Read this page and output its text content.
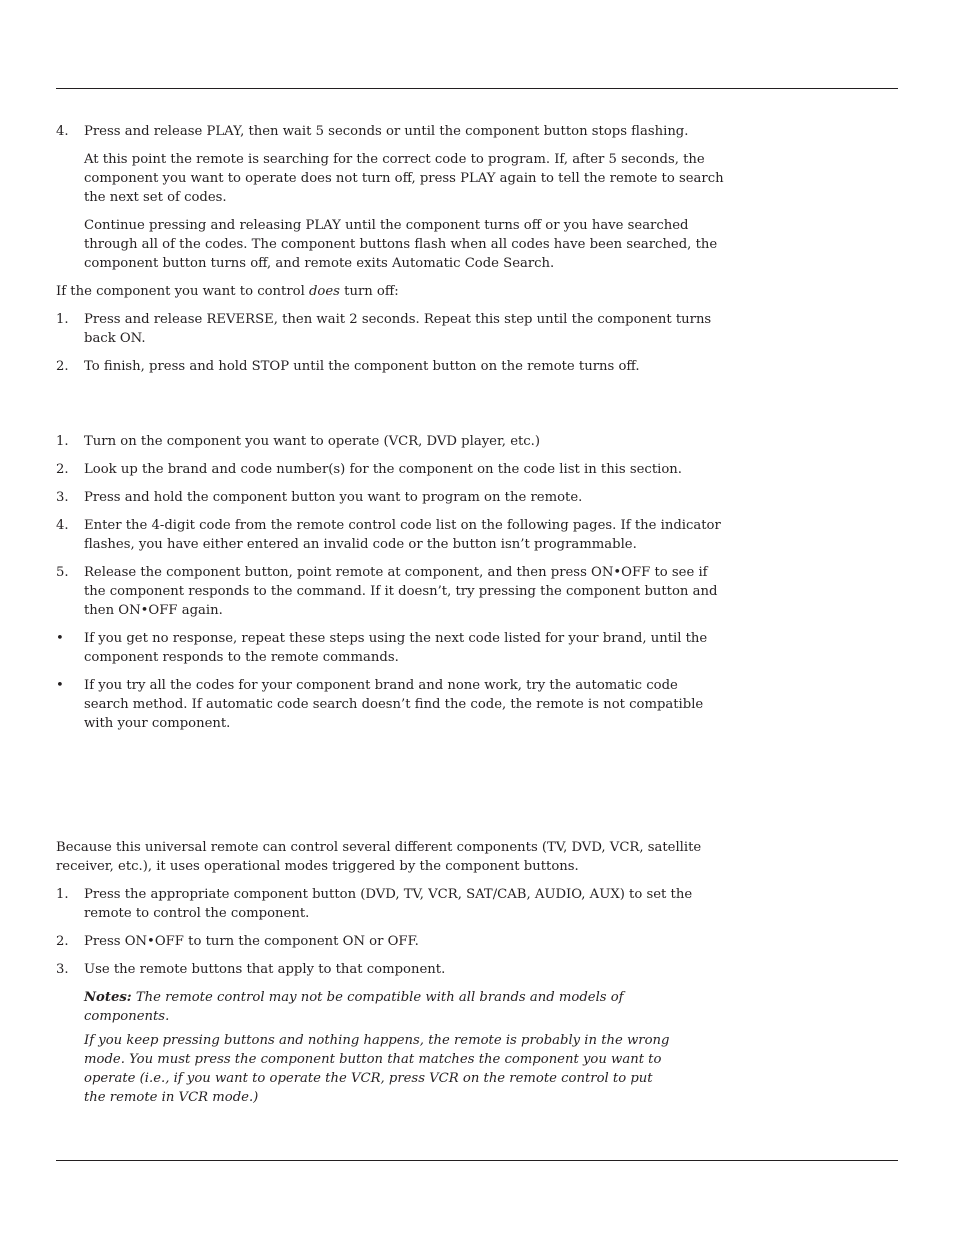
4. Press and release PLAY, then wait 5 seconds or until the component button stops flashing.

At this point the remote is searching for the correct code to program. If, after 5 seconds, the component you want to operate does not turn off, press PLAY again to tell the remote to search the next set of codes.

Continue pressing and releasing PLAY until the component turns off or you have searched through all of the codes. The component buttons flash when all codes have been searched, the component button turns off, and remote exits Automatic Code Search.

If the component you want to control does turn off:

1. Press and release REVERSE, then wait 2 seconds. Repeat this step until the component turns back ON.
2. To finish, press and hold STOP until the component button on the remote turns off.
1. Turn on the component you want to operate (VCR, DVD player, etc.)
2. Look up the brand and code number(s) for the component on the code list in this section.
3. Press and hold the component button you want to program on the remote.
4. Enter the 4-digit code from the remote control code list on the following pages. If the indicator flashes, you have either entered an invalid code or the button isn’t programmable.
5. Release the component button, point remote at component, and then press ON•OFF to see if the component responds to the command. If it doesn’t, try pressing the component button and then ON•OFF again.
• If you get no response, repeat these steps using the next code listed for your brand, until the component responds to the remote commands.
• If you try all the codes for your component brand and none work, try the automatic code search method. If automatic code search doesn’t find the code, the remote is not compatible with your component.

Because this universal remote can control several different components (TV, DVD, VCR, satellite receiver, etc.), it uses operational modes triggered by the component buttons.

1. Press the appropriate component button (DVD, TV, VCR, SAT/CAB, AUDIO, AUX) to set the remote to control the component.
2. Press ON•OFF to turn the component ON or OFF.
3. Use the remote buttons that apply to that component.

Notes: The remote control may not be compatible with all brands and models of components.

If you keep pressing buttons and nothing happens, the remote is probably in the wrong mode. You must press the component button that matches the component you want to operate (i.e., if you want to operate the VCR, press VCR on the remote control to put the remote in VCR mode.)
